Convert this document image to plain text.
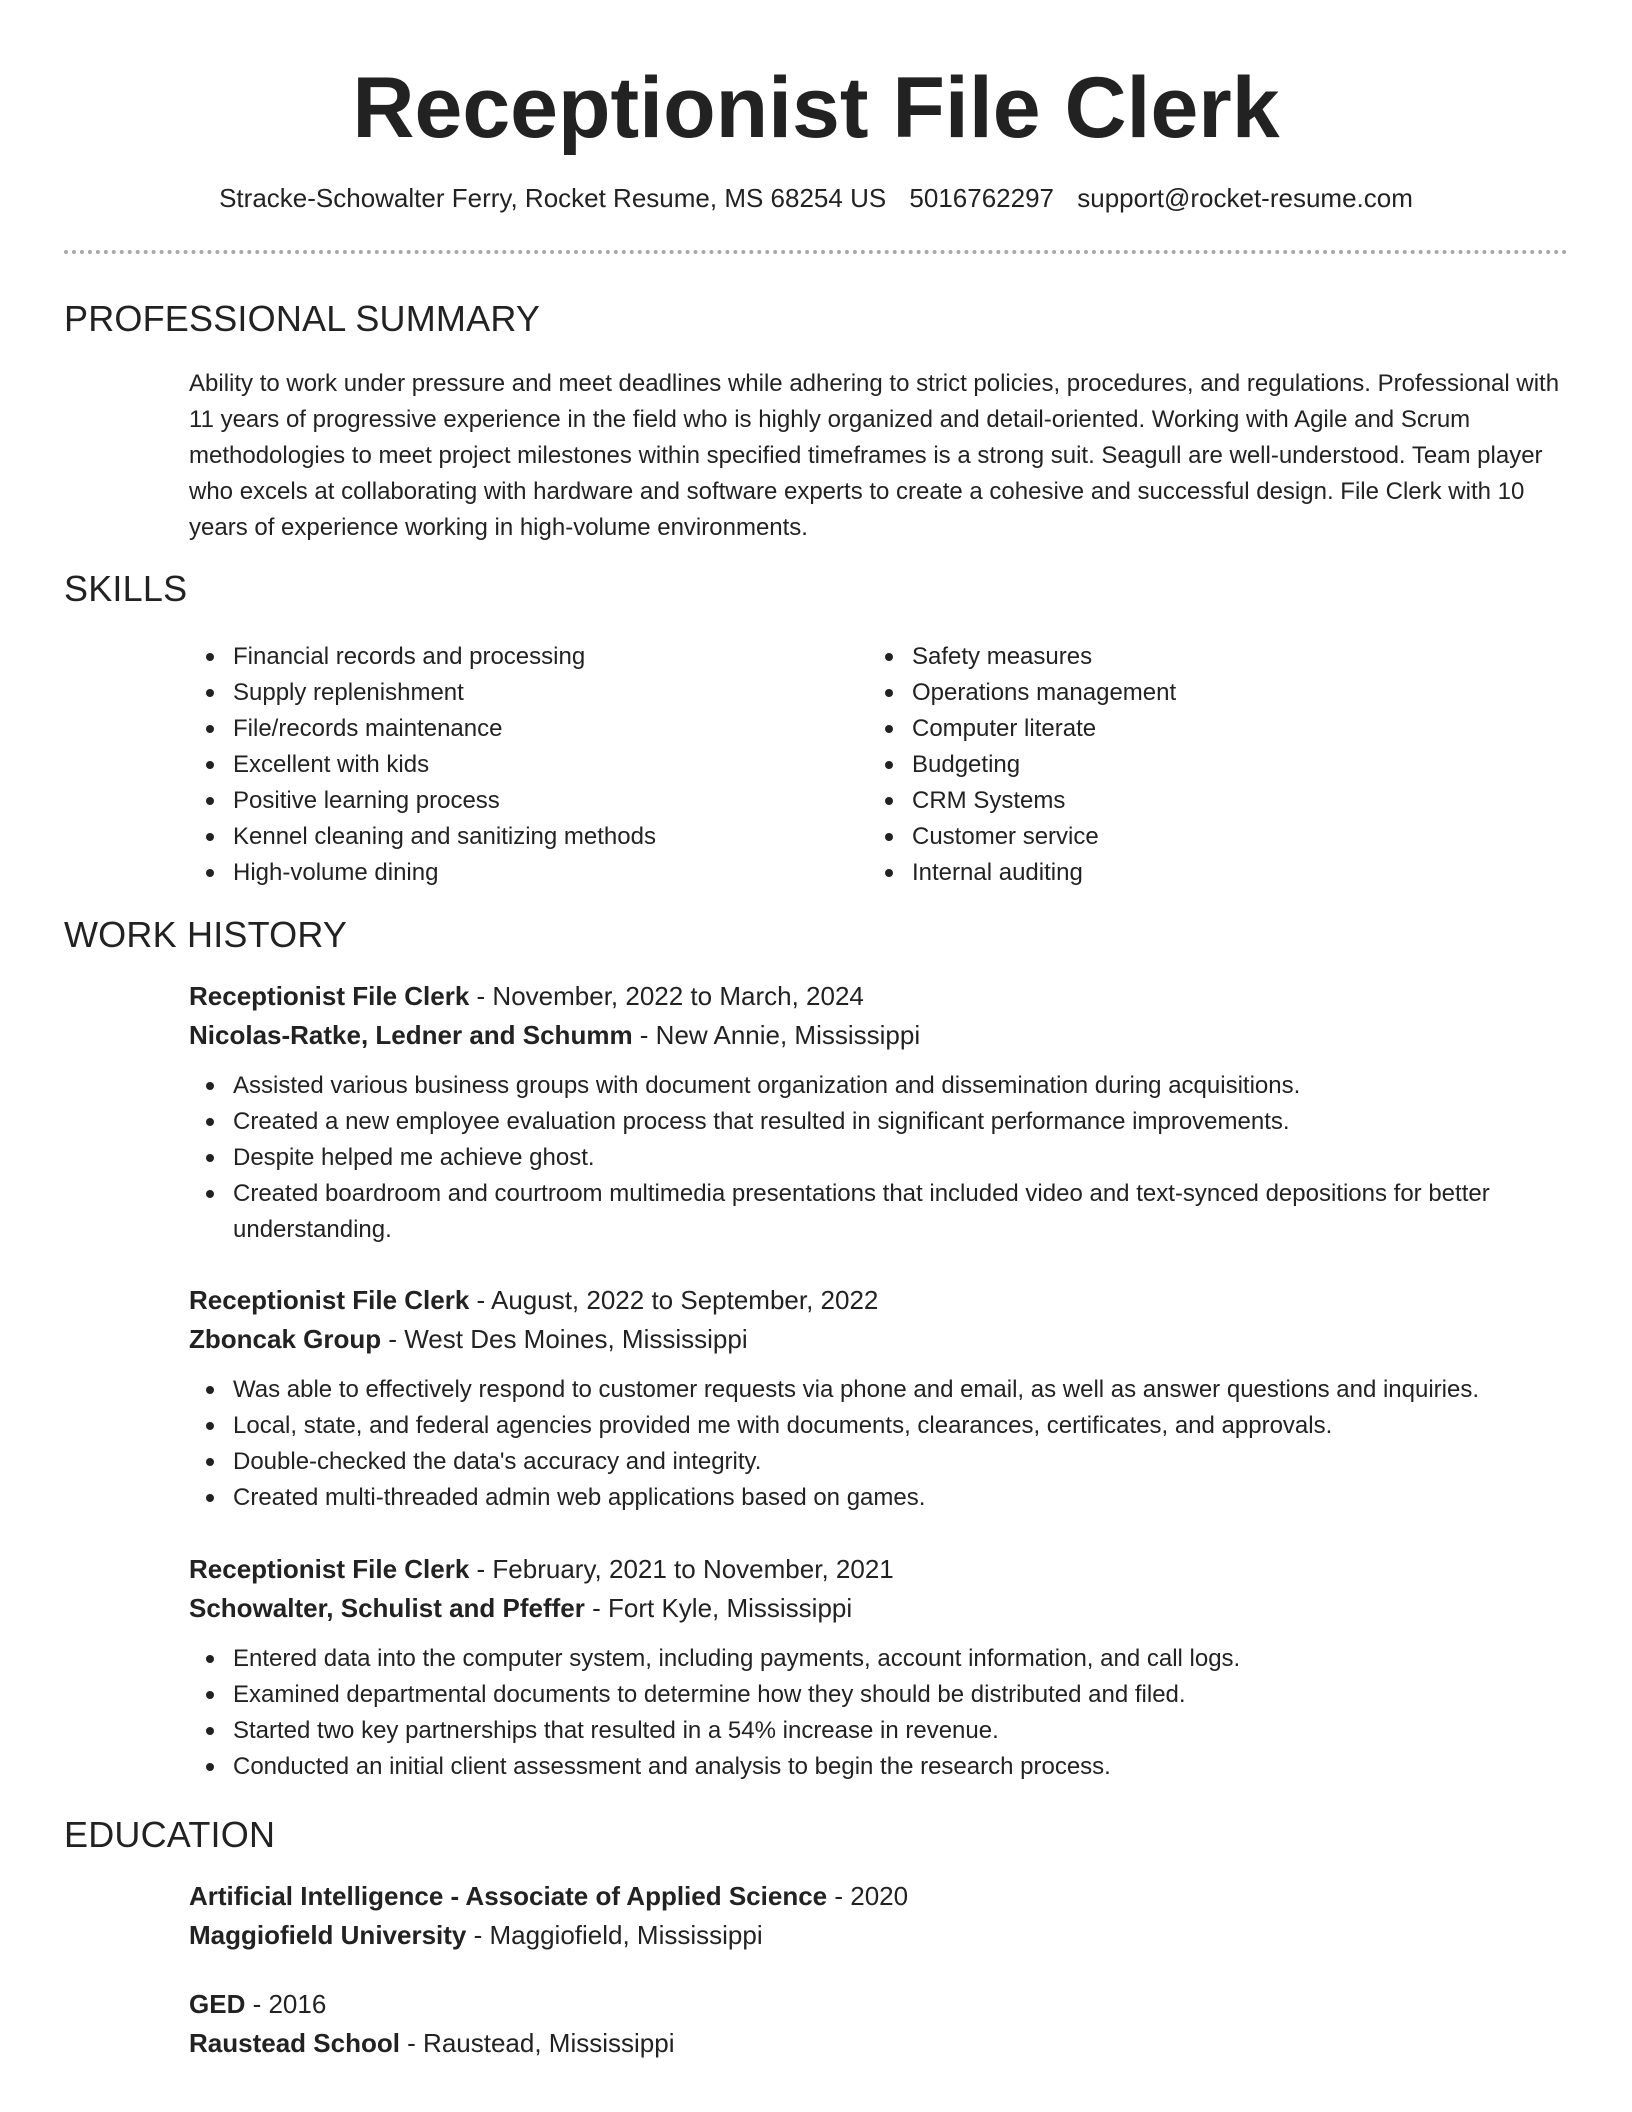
Receptionist File Clerk
Stracke-Schowalter Ferry, Rocket Resume, MS 68254 US 5016762297 support@rocket-resume.com
PROFESSIONAL SUMMARY

Ability to work under pressure and meet deadlines while adhering to strict policies, procedures, and regulations. Professional with 11 years of progressive experience in the field who is highly organized and detail-oriented. Working with Agile and Scrum methodologies to meet project milestones within specified timeframes is a strong suit. Seagull are well-understood. Team player who excels at collaborating with hardware and software experts to create a cohesive and successful design. File Clerk with 10 years of experience working in high-volume environments.

SKILLS
Financial records and processing
Supply replenishment
File/records maintenance
Excellent with kids
Positive learning process
Kennel cleaning and sanitizing methods
High-volume dining
Safety measures
Operations management
Computer literate
Budgeting
CRM Systems
Customer service
Internal auditing
WORK HISTORY
Receptionist File Clerk - November, 2022 to March, 2024
Nicolas-Ratke, Ledner and Schumm - New Annie, Mississippi
Assisted various business groups with document organization and dissemination during acquisitions.
Created a new employee evaluation process that resulted in significant performance improvements.
Despite helped me achieve ghost.
Created boardroom and courtroom multimedia presentations that included video and text-synced depositions for better understanding.
Receptionist File Clerk - August, 2022 to September, 2022
Zboncak Group - West Des Moines, Mississippi
Was able to effectively respond to customer requests via phone and email, as well as answer questions and inquiries.
Local, state, and federal agencies provided me with documents, clearances, certificates, and approvals.
Double-checked the data's accuracy and integrity.
Created multi-threaded admin web applications based on games.
Receptionist File Clerk - February, 2021 to November, 2021
Schowalter, Schulist and Pfeffer - Fort Kyle, Mississippi
Entered data into the computer system, including payments, account information, and call logs.
Examined departmental documents to determine how they should be distributed and filed.
Started two key partnerships that resulted in a 54% increase in revenue.
Conducted an initial client assessment and analysis to begin the research process.
EDUCATION
Artificial Intelligence - Associate of Applied Science - 2020
Maggiofield University - Maggiofield, Mississippi
GED - 2016
Raustead School - Raustead, Mississippi
